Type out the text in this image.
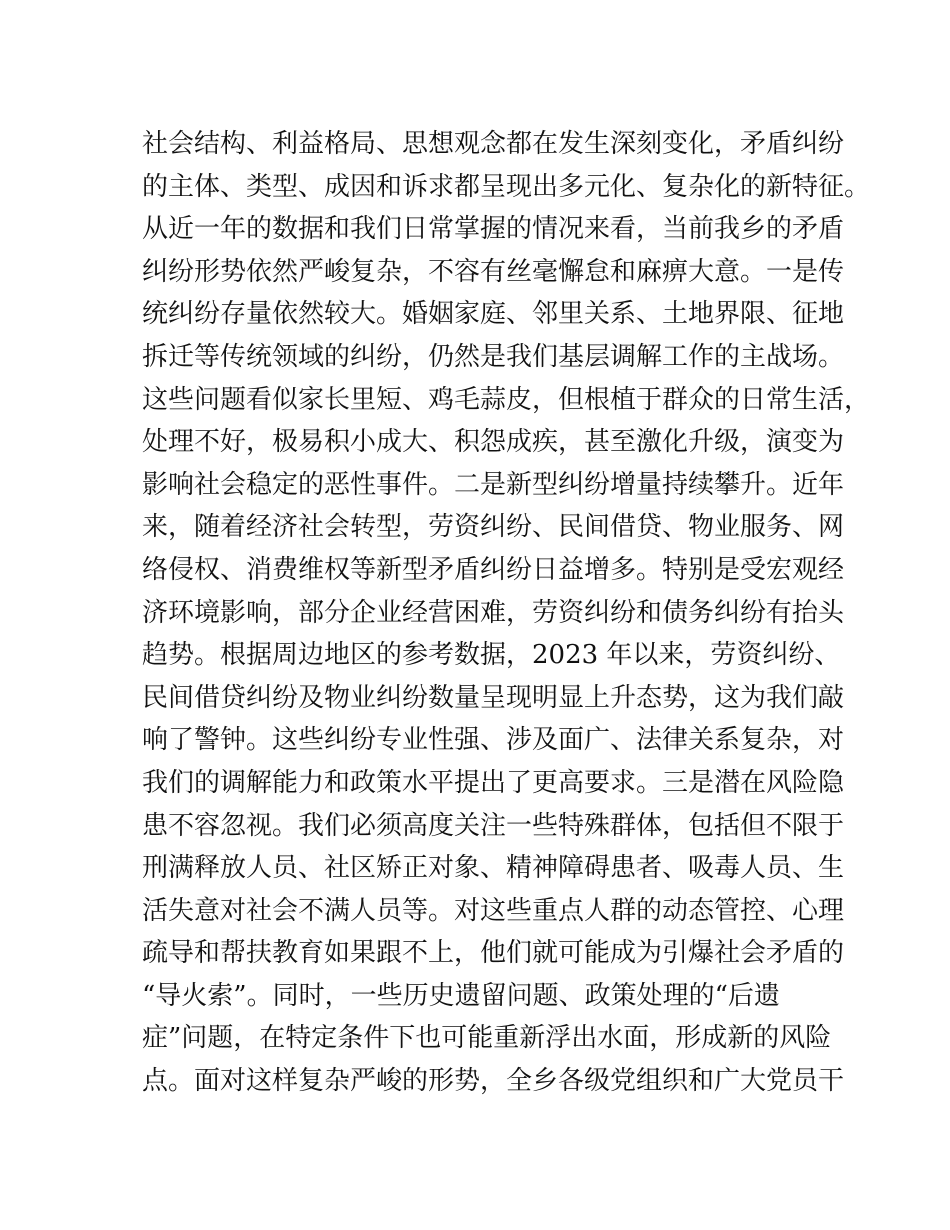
社会结构、利益格局、思想观念都在发生深刻变化，矛盾纠纷
的主体、类型、成因和诉求都呈现出多元化、复杂化的新特征。
从近一年的数据和我们日常掌握的情况来看，当前我乡的矛盾
纠纷形势依然严峻复杂，不容有丝毫懈怠和麻痹大意。一是传
统纠纷存量依然较大。婚姻家庭、邻里关系、土地界限、征地
拆迁等传统领域的纠纷，仍然是我们基层调解工作的主战场。
这些问题看似家长里短、鸡毛蒜皮，但根植于群众的日常生活，
处理不好，极易积小成大、积怨成疾，甚至激化升级，演变为
影响社会稳定的恶性事件。二是新型纠纷增量持续攀升。近年
来，随着经济社会转型，劳资纠纷、民间借贷、物业服务、网
络侵权、消费维权等新型矛盾纠纷日益增多。特别是受宏观经
济环境影响，部分企业经营困难，劳资纠纷和债务纠纷有抬头
趋势。根据周边地区的参考数据，2023 年以来，劳资纠纷、
民间借贷纠纷及物业纠纷数量呈现明显上升态势，这为我们敲
响了警钟。这些纠纷专业性强、涉及面广、法律关系复杂，对
我们的调解能力和政策水平提出了更高要求。三是潜在风险隐
患不容忽视。我们必须高度关注一些特殊群体，包括但不限于
刑满释放人员、社区矫正对象、精神障碍患者、吸毒人员、生
活失意对社会不满人员等。对这些重点人群的动态管控、心理
疏导和帮扶教育如果跟不上，他们就可能成为引爆社会矛盾的
“导火索”。同时，一些历史遗留问题、政策处理的“后遗
症”问题，在特定条件下也可能重新浮出水面，形成新的风险
点。面对这样复杂严峻的形势，全乡各级党组织和广大党员干
